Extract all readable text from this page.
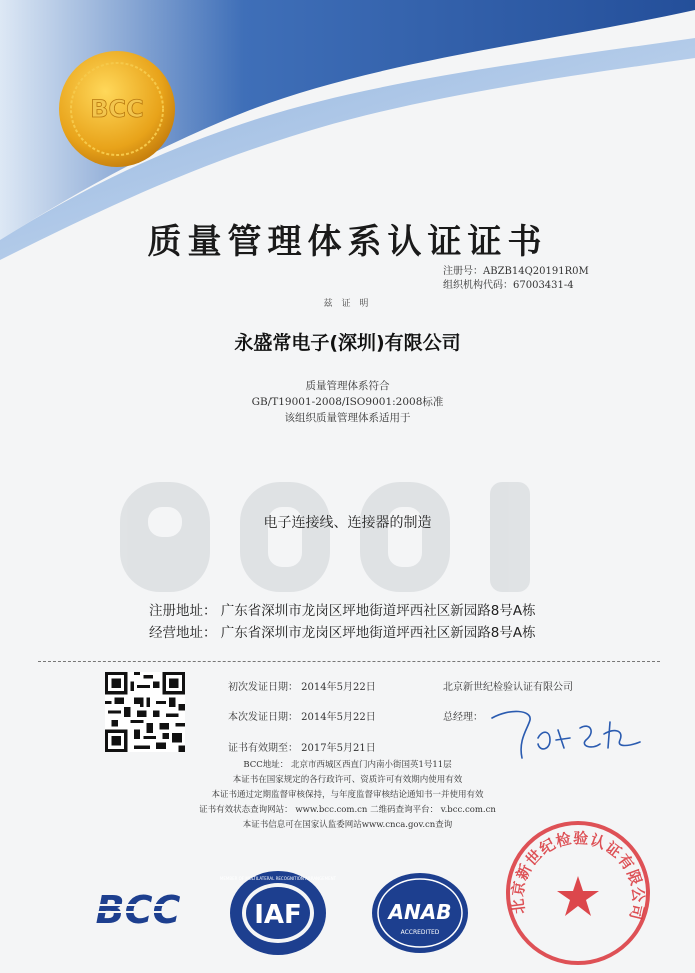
BCC
质量管理体系认证证书
注册号：ABZB14Q20191R0M
组织机构代码：67003431-4
兹 证 明
永盛常电子(深圳)有限公司
质量管理体系符合
GB/T19001-2008/ISO9001:2008标准
该组织质量管理体系适用于
电子连接线、连接器的制造
注册地址： 广东省深圳市龙岗区坪地街道坪西社区新园路8号A栋
经营地址： 广东省深圳市龙岗区坪地街道坪西社区新园路8号A栋
初次发证日期： 2014年5月22日
本次发证日期： 2014年5月22日
证书有效期至： 2017年5月21日
北京新世纪检验认证有限公司
总经理：
BCC地址： 北京市西城区西直门内南小街国英1号11层
本证书在国家规定的各行政许可、资质许可有效期内使用有效
本证书通过定期监督审核保持，与年度监督审核结论通知书一并使用有效
证书有效状态查询网站： www.bcc.com.cn 二维码查询平台： v.bcc.com.cn
本证书信息可在国家认监委网站www.cnca.gov.cn查询
BCC	IAF
MEMBER OF MULTILATERAL RECOGNITION ARRANGEMENT
ANAB
ACCREDITED
北京新世纪检验认证有限公司
